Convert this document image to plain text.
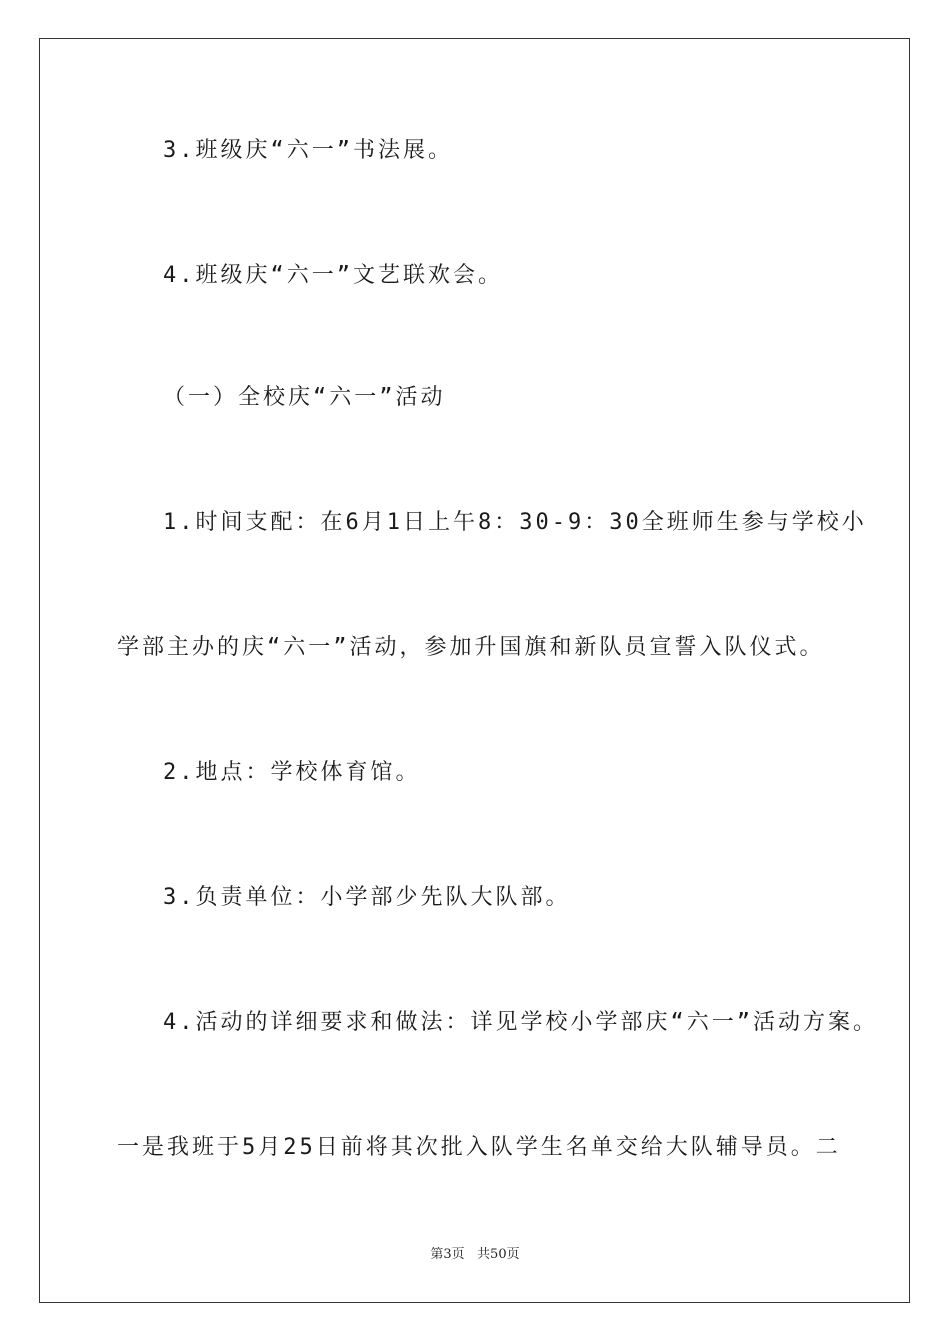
3.班级庆“六一”书法展。
4.班级庆“六一”文艺联欢会。
（一）全校庆“六一”活动
1.时间支配：在6月1日上午8：30-9：30全班师生参与学校小
学部主办的庆“六一”活动，参加升国旗和新队员宣誓入队仪式。
2.地点：学校体育馆。
3.负责单位：小学部少先队大队部。
4.活动的详细要求和做法：详见学校小学部庆“六一”活动方案。
一是我班于5月25日前将其次批入队学生名单交给大队辅导员。二
第3页   共50页
